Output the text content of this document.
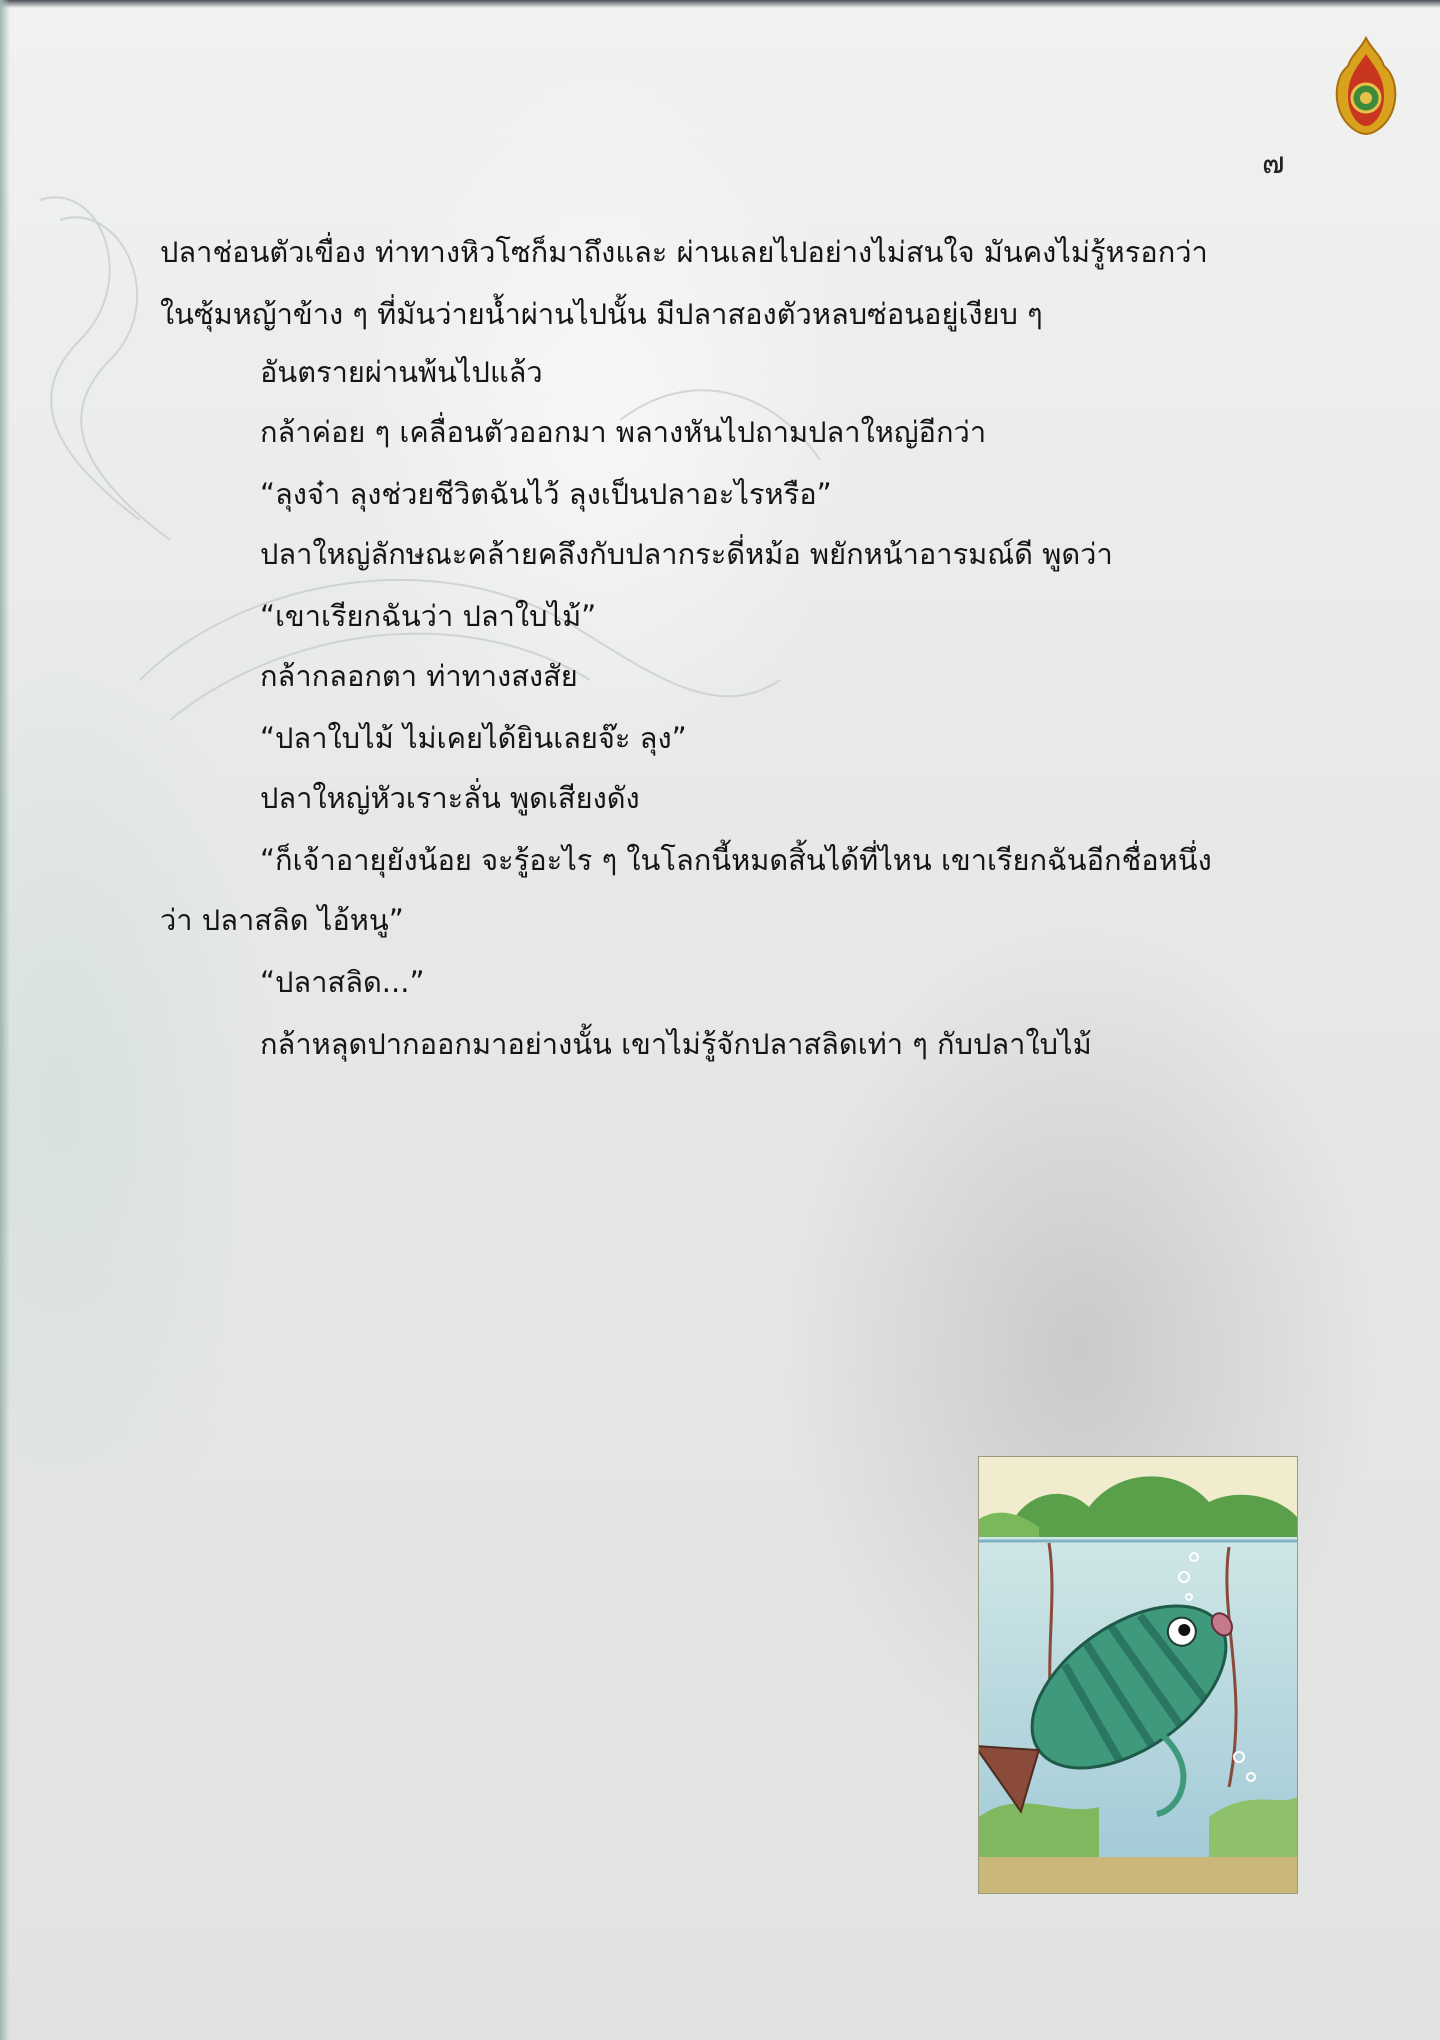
๗
ปลาช่อนตัวเขื่อง ท่าทางหิวโซก็มาถึงและ ผ่านเลยไปอย่างไม่สนใจ มันคงไม่รู้หรอกว่า
ในซุ้มหญ้าข้าง ๆ ที่มันว่ายน้ำผ่านไปนั้น มีปลาสองตัวหลบซ่อนอยู่เงียบ ๆ
อันตรายผ่านพ้นไปแล้ว
กล้าค่อย ๆ เคลื่อนตัวออกมา พลางหันไปถามปลาใหญ่อีกว่า
“ลุงจ๋า ลุงช่วยชีวิตฉันไว้ ลุงเป็นปลาอะไรหรือ”
ปลาใหญ่ลักษณะคล้ายคลึงกับปลากระดี่หม้อ พยักหน้าอารมณ์ดี พูดว่า
“เขาเรียกฉันว่า ปลาใบไม้”
กล้ากลอกตา ท่าทางสงสัย
“ปลาใบไม้ ไม่เคยได้ยินเลยจ๊ะ ลุง”
ปลาใหญ่หัวเราะลั่น พูดเสียงดัง
“ก็เจ้าอายุยังน้อย จะรู้อะไร ๆ ในโลกนี้หมดสิ้นได้ที่ไหน เขาเรียกฉันอีกชื่อหนึ่ง
ว่า ปลาสลิด ไอ้หนู”
“ปลาสลิด...”
กล้าหลุดปากออกมาอย่างนั้น เขาไม่รู้จักปลาสลิดเท่า ๆ กับปลาใบไม้
